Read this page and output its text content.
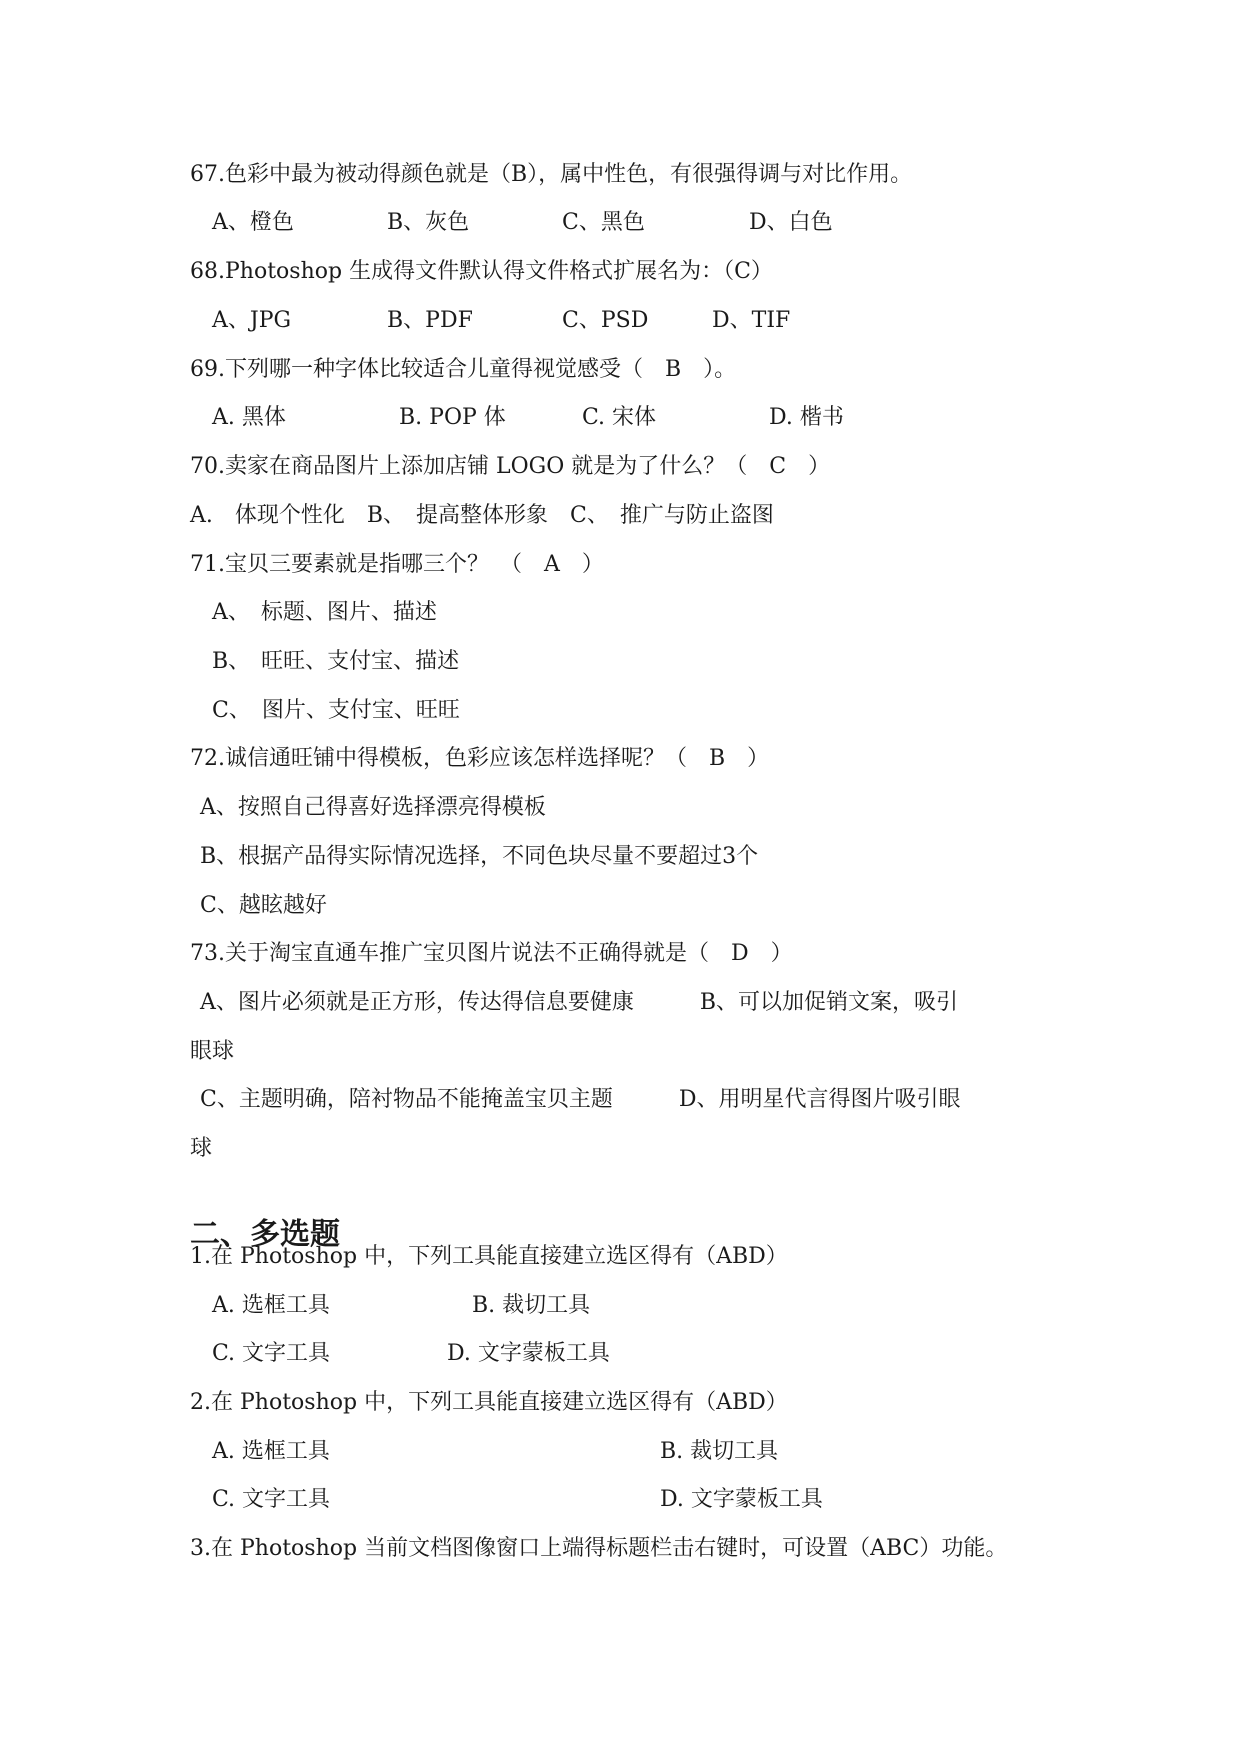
67.色彩中最为被动得颜色就是（B），属中性色，有很强得调与对比作用。

A、橙色

	B、灰色

	C、黑色

	D、白色

68.Photoshop 生成得文件默认得文件格式扩展名为：（C）

A、JPG

	B、PDF

	C、PSD

	D、TIF

69.下列哪一种字体比较适合儿童得视觉感受（　B　）。

A. 黑体

	B. POP 体

	C. 宋体

	D. 楷书

70.卖家在商品图片上添加店铺 LOGO 就是为了什么？（　C　）

A.　体现个性化　B、　提高整体形象　C、　推广与防止盗图

71.宝贝三要素就是指哪三个？　（　A　）

A、　标题、图片、描述

B、　旺旺、支付宝、描述

C、　图片、支付宝、旺旺

72.诚信通旺铺中得模板，色彩应该怎样选择呢？（　B　）

A、按照自己得喜好选择漂亮得模板

B、根据产品得实际情况选择，不同色块尽量不要超过3个

C、越眩越好

73.关于淘宝直通车推广宝贝图片说法不正确得就是（　D　）

A、图片必须就是正方形，传达得信息要健康　　　B、可以加促销文案，吸引

眼球

C、主题明确，陪衬物品不能掩盖宝贝主题　　　D、用明星代言得图片吸引眼

球

二、多选题

1.在 Photoshop 中，下列工具能直接建立选区得有（ABD）

A. 选框工具

	B. 裁切工具

C. 文字工具

	D. 文字蒙板工具

2.在 Photoshop 中，下列工具能直接建立选区得有（ABD）

A. 选框工具

	B. 裁切工具

C. 文字工具

	D. 文字蒙板工具

3.在 Photoshop 当前文档图像窗口上端得标题栏击右键时，可设置（ABC）功能。
